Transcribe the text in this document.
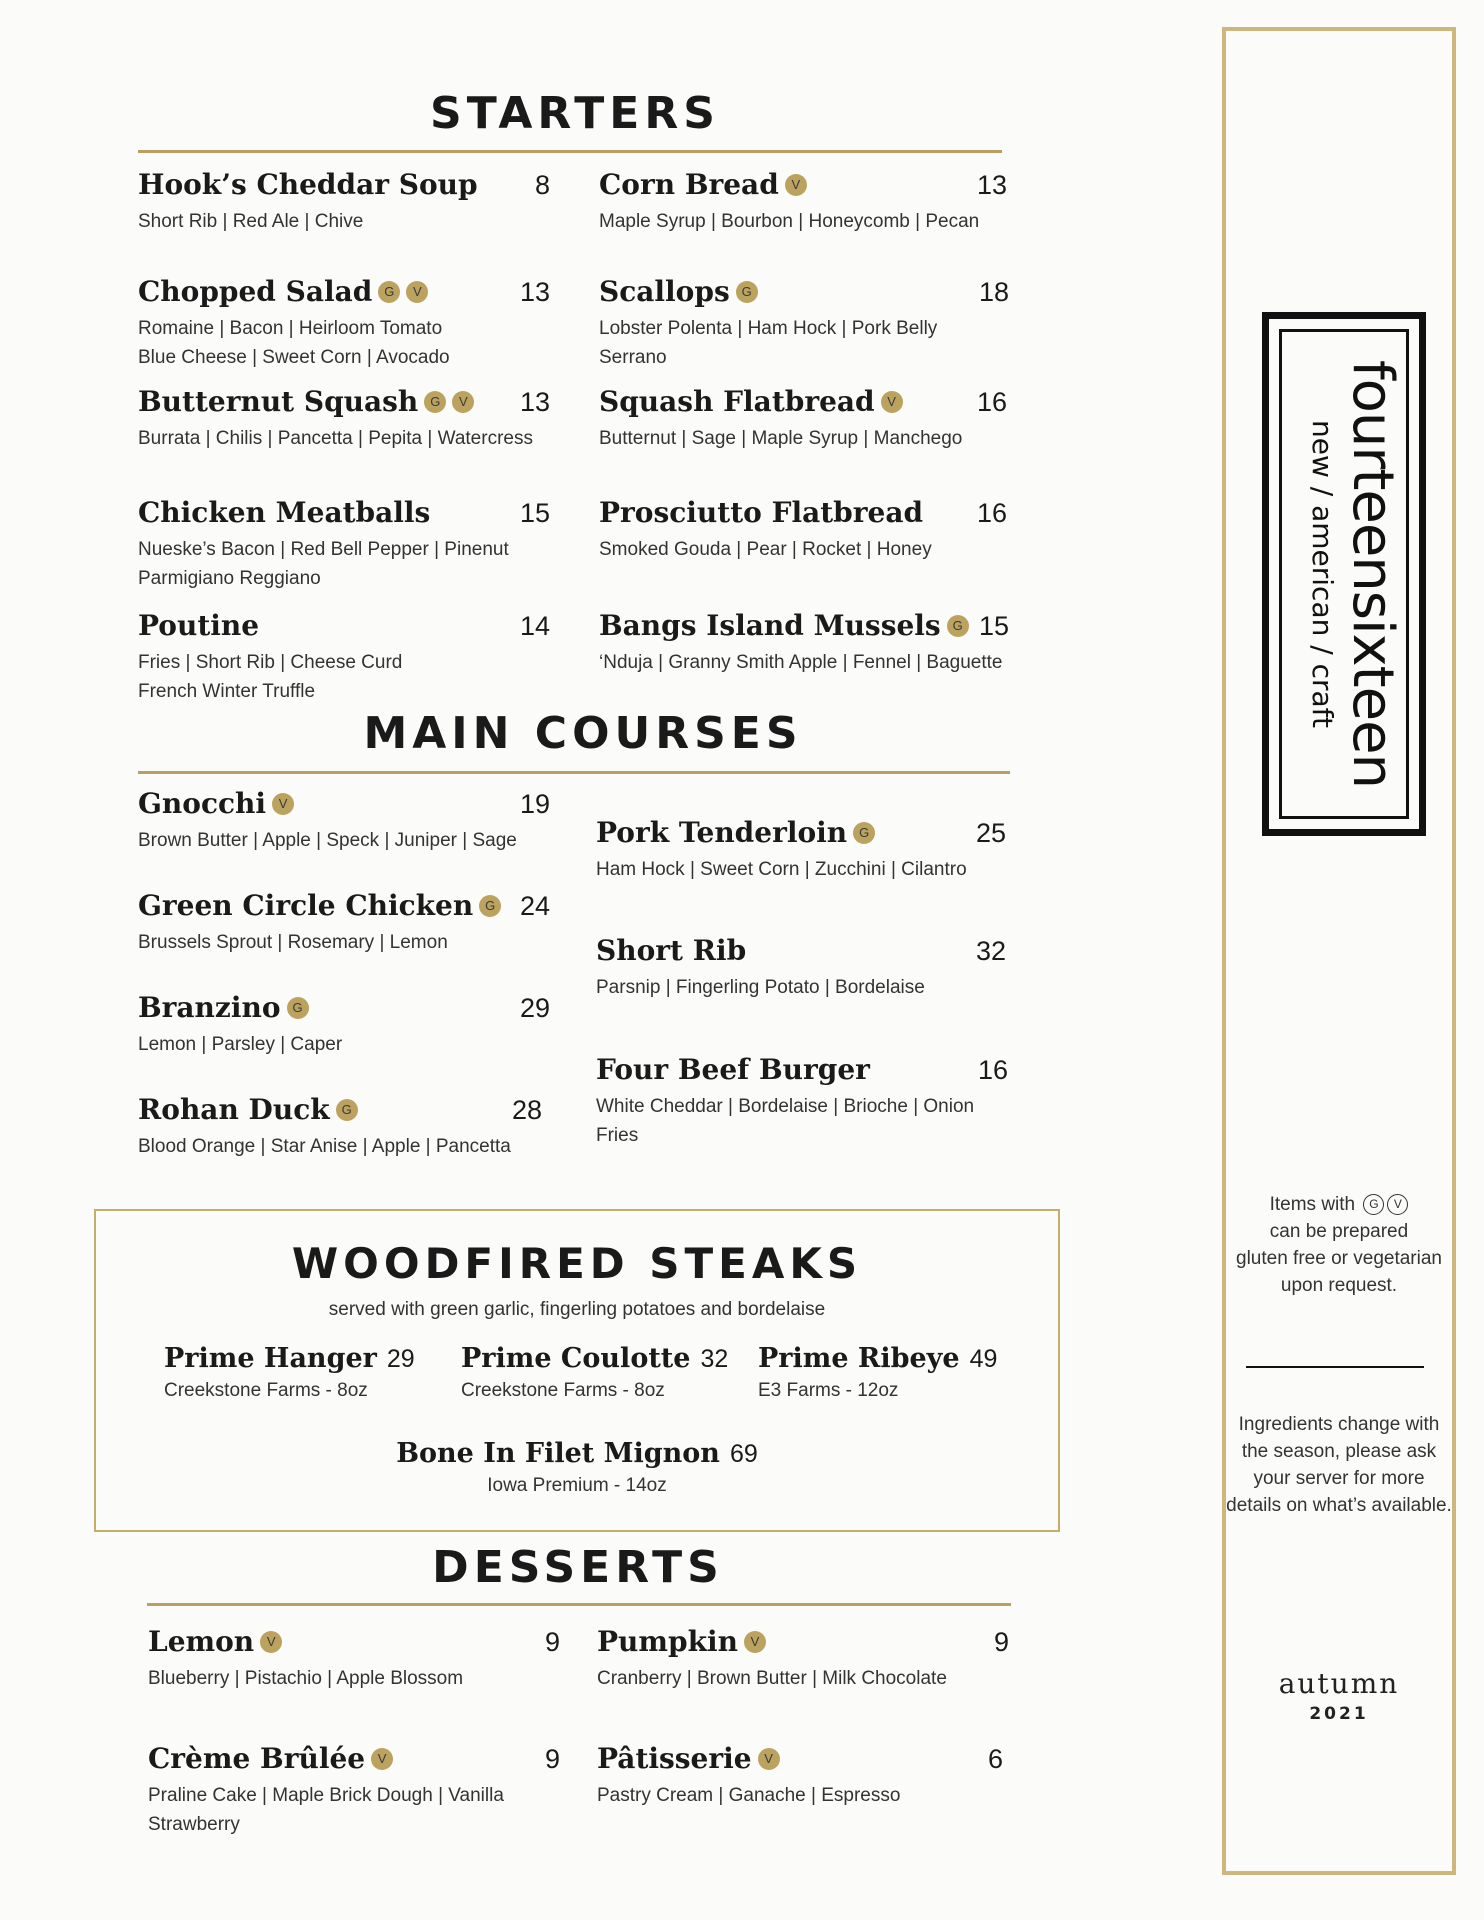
STARTERS
Hook’s Cheddar Soup 8
Short Rib | Red Ale | Chive
Corn Bread V	13
Maple Syrup | Bourbon | Honeycomb | Pecan
Chopped Salad G V	13
Romaine | Bacon | Heirloom Tomato
Blue Cheese | Sweet Corn | Avocado
Scallops G	18
Lobster Polenta | Ham Hock | Pork Belly
Serrano
Butternut Squash G V 13
Burrata | Chilis | Pancetta | Pepita | Watercress
Squash Flatbread V	16
Butternut | Sage | Maple Syrup | Manchego
Chicken Meatballs	15
Nueske’s Bacon | Red Bell Pepper | Pinenut
Parmigiano Reggiano
Prosciutto Flatbread 16
Smoked Gouda | Pear | Rocket | Honey
Poutine	14
Fries | Short Rib | Cheese Curd
French Winter Truffle
Bangs Island Mussels G 15
‘Nduja | Granny Smith Apple | Fennel | Baguette
MAIN COURSES
Gnocchi V	19
Brown Butter | Apple | Speck | Juniper | Sage	Pork Tenderloin G	25
Ham Hock | Sweet Corn | Zucchini | Cilantro
Green Circle Chicken G 24
Brussels Sprout | Rosemary | Lemon	Short Rib	32
Parsnip | Fingerling Potato | Bordelaise
Branzino G	29
Lemon | Parsley | Caper
Four Beef Burger	16
White Cheddar | Bordelaise | Brioche | Onion
Fries
Rohan Duck G	28
Blood Orange | Star Anise | Apple | Pancetta
WOODFIRED STEAKS
served with green garlic, fingerling potatoes and bordelaise
Prime Hanger 29
Creekstone Farms - 8oz
Prime Coulotte 32
Creekstone Farms - 8oz
Prime Ribeye 49
E3 Farms - 12oz
Bone In Filet Mignon 69
Iowa Premium - 14oz
DESSERTS
Lemon V	9
Blueberry | Pistachio | Apple Blossom
Pumpkin V	9
Cranberry | Brown Butter | Milk Chocolate
Crème Brûlée V	9
Praline Cake | Maple Brick Dough | Vanilla
Strawberry
Pâtisserie V	6
Pastry Cream | Ganache | Espresso
fourteensixteen
new / american / craft
Items with G V
can be prepared
gluten free or vegetarian
upon request.
Ingredients change with
the season, please ask
your server for more
details on what’s available.
autumn
2021
